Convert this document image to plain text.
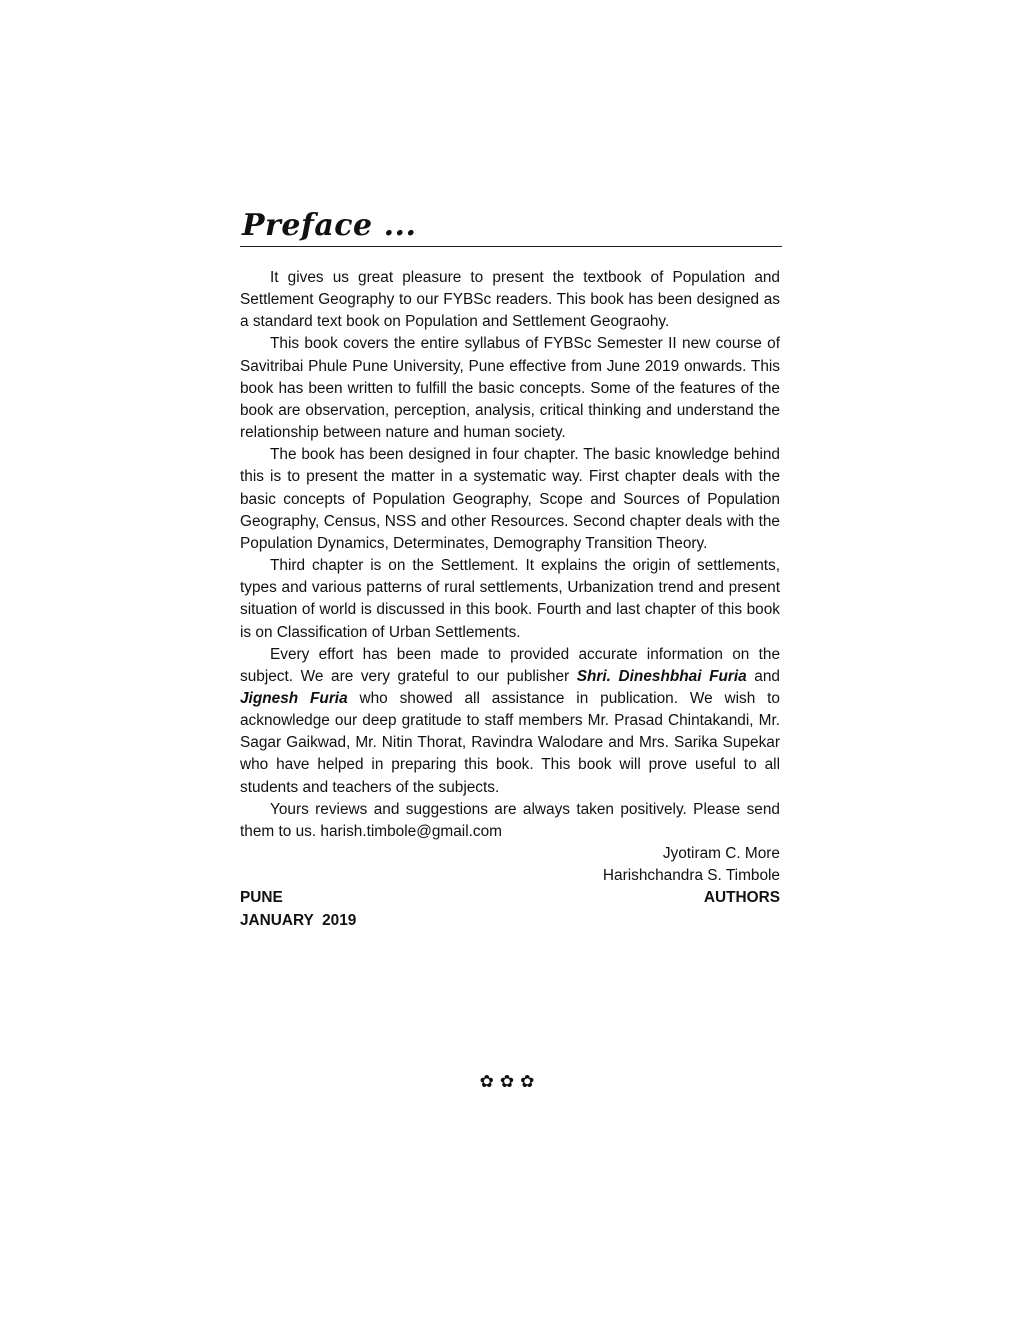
Preface ...

It gives us great pleasure to present the textbook of Population and Settlement Geography to our FYBSc readers. This book has been designed as a standard text book on Population and Settlement Geograohy.

This book covers the entire syllabus of FYBSc Semester II new course of Savitribai Phule Pune University, Pune effective from June 2019 onwards. This book has been written to fulfill the basic concepts. Some of the features of the book are observation, perception, analysis, critical thinking and understand the relationship between nature and human society.

The book has been designed in four chapter. The basic knowledge behind this is to present the matter in a systematic way. First chapter deals with the basic concepts of Population Geography, Scope and Sources of Population Geography, Census, NSS and other Resources. Second chapter deals with the Population Dynamics, Determinates, Demography Transition Theory.

Third chapter is on the Settlement. It explains the origin of settlements, types and various patterns of rural settlements, Urbanization trend and present situation of world is discussed in this book. Fourth and last chapter of this book is on Classification of Urban Settlements.

Every effort has been made to provided accurate information on the subject. We are very grateful to our publisher Shri. Dineshbhai Furia and Jignesh Furia who showed all assistance in publication. We wish to acknowledge our deep gratitude to staff members Mr. Prasad Chintakandi, Mr. Sagar Gaikwad, Mr. Nitin Thorat, Ravindra Walodare and Mrs. Sarika Supekar who have helped in preparing this book. This book will prove useful to all students and teachers of the subjects.

Yours reviews and suggestions are always taken positively. Please send them to us. harish.timbole@gmail.com

Jyotiram C. More

Harishchandra S. Timbole

PUNE	AUTHORS

JANUARY  2019

✿✿✿
